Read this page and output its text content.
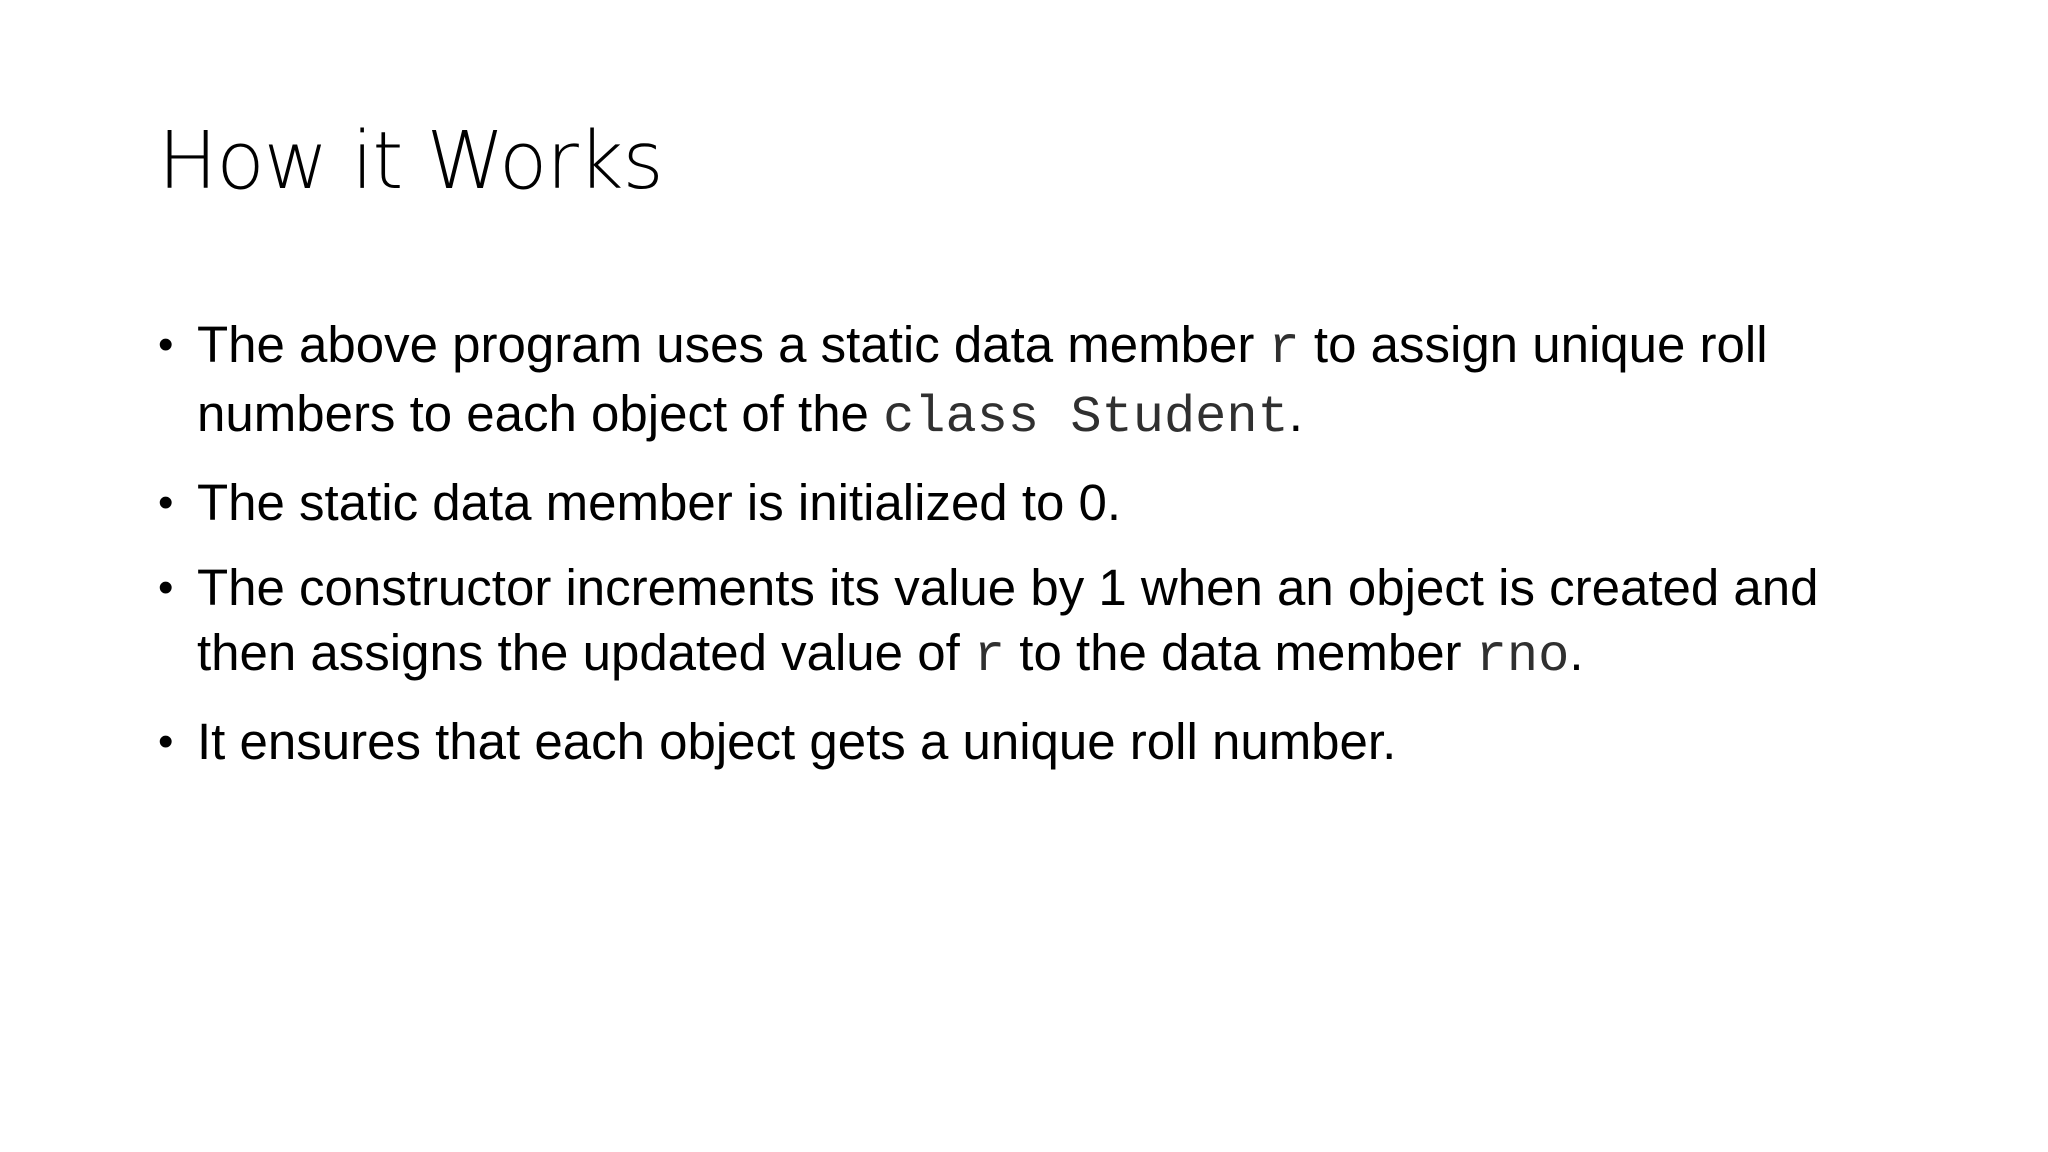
How it Works
• The above program uses a static data member r to assign unique roll numbers to each object of the class Student.
• The static data member is initialized to 0.
• The constructor increments its value by 1 when an object is created and then assigns the updated value of r to the data member rno.
• It ensures that each object gets a unique roll number.
